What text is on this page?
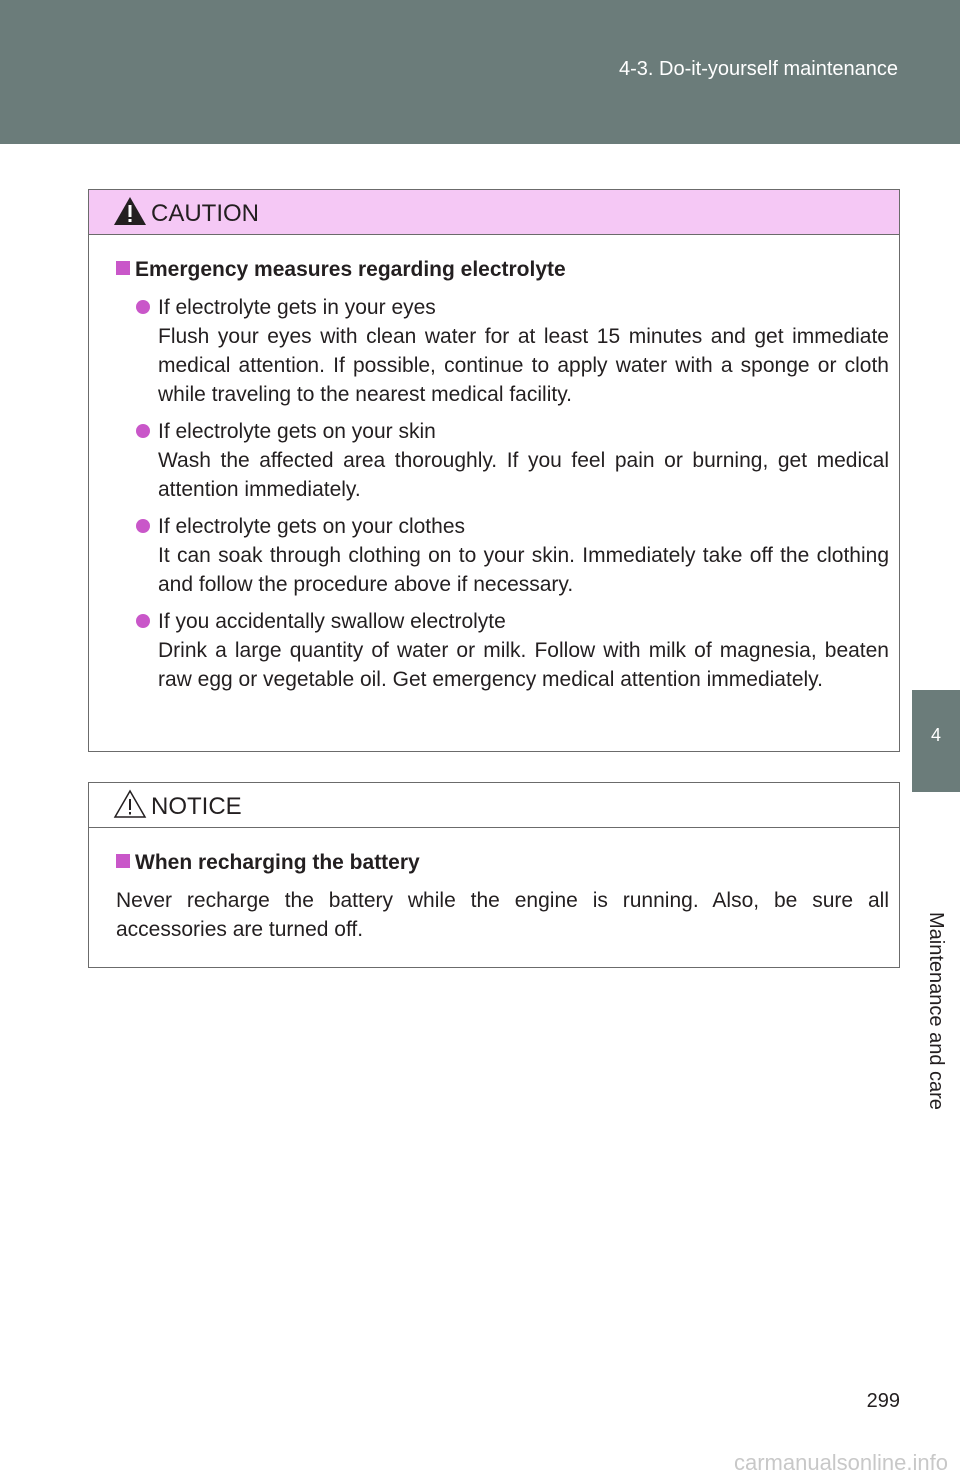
4-3. Do-it-yourself maintenance
4
Maintenance and care
CAUTION
Emergency measures regarding electrolyte
If electrolyte gets in your eyes
Flush your eyes with clean water for at least 15 minutes and get immediate medical attention. If possible, continue to apply water with a sponge or cloth while traveling to the nearest medical facility.
If electrolyte gets on your skin
Wash the affected area thoroughly. If you feel pain or burning, get medical attention immediately.
If electrolyte gets on your clothes
It can soak through clothing on to your skin. Immediately take off the clothing and follow the procedure above if necessary.
If you accidentally swallow electrolyte
Drink a large quantity of water or milk. Follow with milk of magnesia, beaten raw egg or vegetable oil. Get emergency medical attention immediately.
NOTICE
When recharging the battery
Never recharge the battery while the engine is running. Also, be sure all accessories are turned off.
299
carmanualsonline.info
